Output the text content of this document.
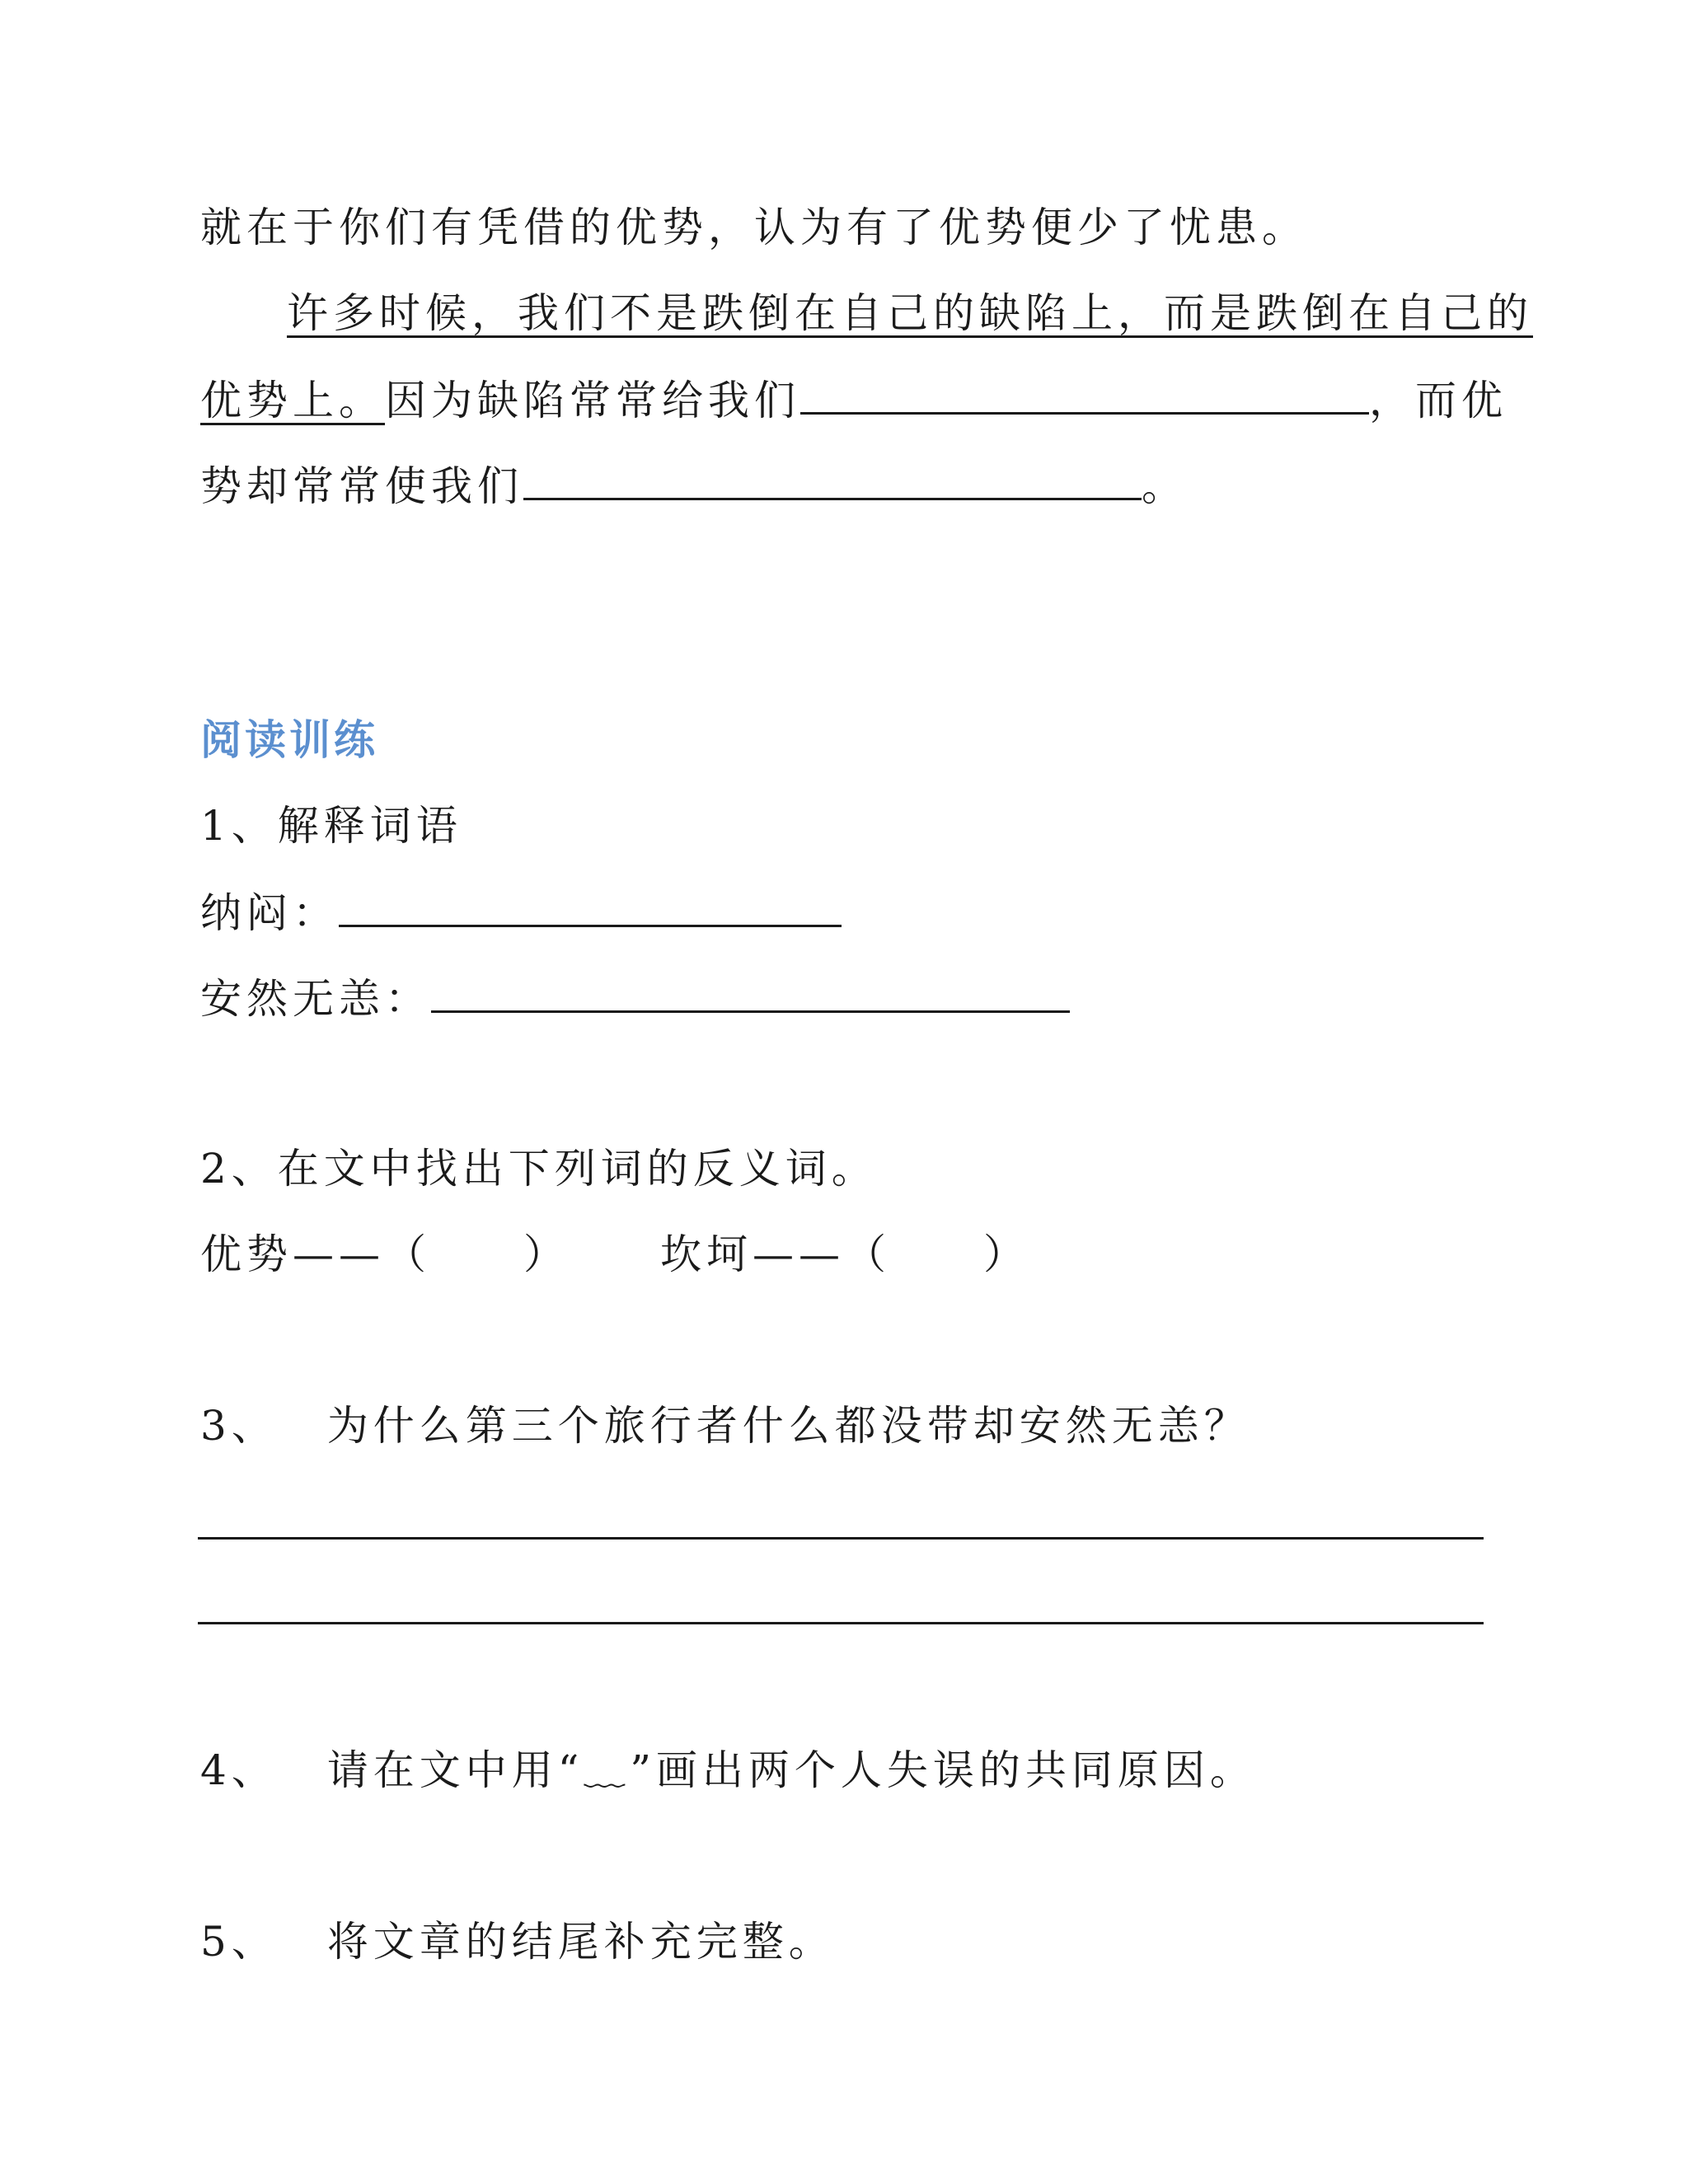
就在于你们有凭借的优势，认为有了优势便少了忧患。
许多时候，我们不是跌倒在自己的缺陷上，而是跌倒在自己的
优势上。因为缺陷常常给我们	，而优
势却常常使我们	。
阅读训练
1、解释词语
纳闷：
安然无恙：
2、在文中找出下列词的反义词。
优势——（　　） 坎坷——（　　）
3、 为什么第三个旅行者什么都没带却安然无恙？
4、 请在文中用“﹏”画出两个人失误的共同原因。
5、 将文章的结尾补充完整。
